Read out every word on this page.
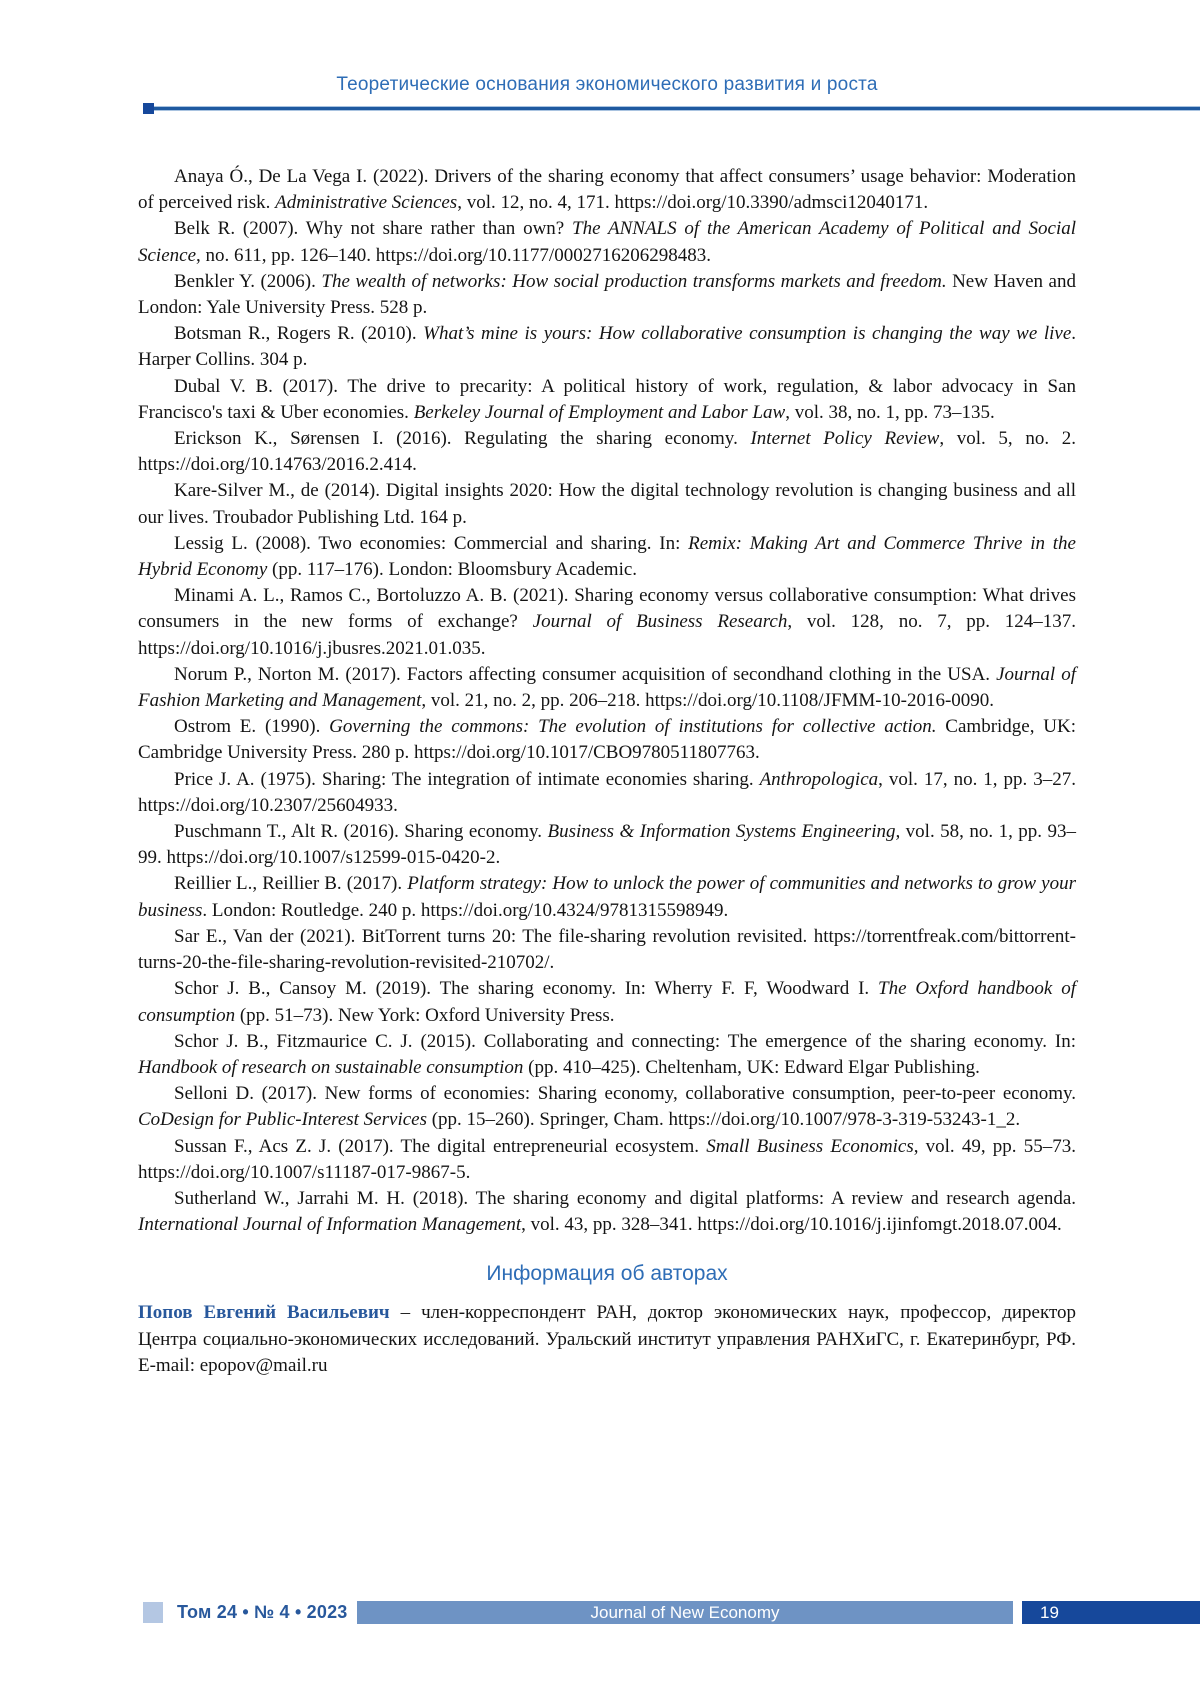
Теоретические основания экономического развития и роста

Anaya Ó., De La Vega I. (2022). Drivers of the sharing economy that affect consumers’ usage behavior: Moderation of perceived risk. Administrative Sciences, vol. 12, no. 4, 171. https://doi.org/10.3390/admsci12040171.

Belk R. (2007). Why not share rather than own? The ANNALS of the American Academy of Political and Social Science, no. 611, pp. 126–140. https://doi.org/10.1177/0002716206298483.

Benkler Y. (2006). The wealth of networks: How social production transforms markets and freedom. New Haven and London: Yale University Press. 528 p.

Botsman R., Rogers R. (2010). What’s mine is yours: How collaborative consumption is changing the way we live. Harper Collins. 304 p.

Dubal V. B. (2017). The drive to precarity: A political history of work, regulation, & labor advocacy in San Francisco's taxi & Uber economies. Berkeley Journal of Employment and Labor Law, vol. 38, no. 1, pp. 73–135.

Erickson K., Sørensen I. (2016). Regulating the sharing economy. Internet Policy Review, vol. 5, no. 2. https://doi.org/10.14763/2016.2.414.

Kare-Silver M., de (2014). Digital insights 2020: How the digital technology revolution is changing business and all our lives. Troubador Publishing Ltd. 164 p.

Lessig L. (2008). Two economies: Commercial and sharing. In: Remix: Making Art and Commerce Thrive in the Hybrid Economy (pp. 117–176). London: Bloomsbury Academic.

Minami A. L., Ramos C., Bortoluzzo A. B. (2021). Sharing economy versus collaborative consumption: What drives consumers in the new forms of exchange? Journal of Business Research, vol. 128, no. 7, pp. 124–137. https://doi.org/10.1016/j.jbusres.2021.01.035.

Norum P., Norton M. (2017). Factors affecting consumer acquisition of secondhand clothing in the USA. Journal of Fashion Marketing and Management, vol. 21, no. 2, pp. 206–218. https://doi.org/10.1108/JFMM-10-2016-0090.

Ostrom E. (1990). Governing the commons: The evolution of institutions for collective action. Cambridge, UK: Cambridge University Press. 280 p. https://doi.org/10.1017/CBO9780511807763.

Price J. A. (1975). Sharing: The integration of intimate economies sharing. Anthropologica, vol. 17, no. 1, pp. 3–27. https://doi.org/10.2307/25604933.

Puschmann T., Alt R. (2016). Sharing economy. Business & Information Systems Engineering, vol. 58, no. 1, pp. 93–99. https://doi.org/10.1007/s12599-015-0420-2.

Reillier L., Reillier B. (2017). Platform strategy: How to unlock the power of communities and networks to grow your business. London: Routledge. 240 p. https://doi.org/10.4324/9781315598949.

Sar E., Van der (2021). BitTorrent turns 20: The file-sharing revolution revisited. https://torrentfreak.com/bittorrent-turns-20-the-file-sharing-revolution-revisited-210702/.

Schor J. B., Cansoy M. (2019). The sharing economy. In: Wherry F. F, Woodward I. The Oxford handbook of consumption (pp. 51–73). New York: Oxford University Press.

Schor J. B., Fitzmaurice C. J. (2015). Collaborating and connecting: The emergence of the sharing economy. In: Handbook of research on sustainable consumption (pp. 410–425). Cheltenham, UK: Edward Elgar Publishing.

Selloni D. (2017). New forms of economies: Sharing economy, collaborative consumption, peer-to-peer economy. CoDesign for Public-Interest Services (pp. 15–260). Springer, Cham. https://doi.org/10.1007/978-3-319-53243-1_2.

Sussan F., Acs Z. J. (2017). The digital entrepreneurial ecosystem. Small Business Economics, vol. 49, pp. 55–73. https://doi.org/10.1007/s11187-017-9867-5.

Sutherland W., Jarrahi M. H. (2018). The sharing economy and digital platforms: A review and research agenda. International Journal of Information Management, vol. 43, pp. 328–341. https://doi.org/10.1016/j.ijinfomgt.2018.07.004.

Информация об авторах

Попов Евгений Васильевич – член-корреспондент РАН, доктор экономических наук, профессор, директор Центра социально-экономических исследований. Уральский институт управления РАНХиГС, г. Екатеринбург, РФ. E-mail: epopov@mail.ru

Том 24 • № 4 • 2023	Journal of New Economy	19
